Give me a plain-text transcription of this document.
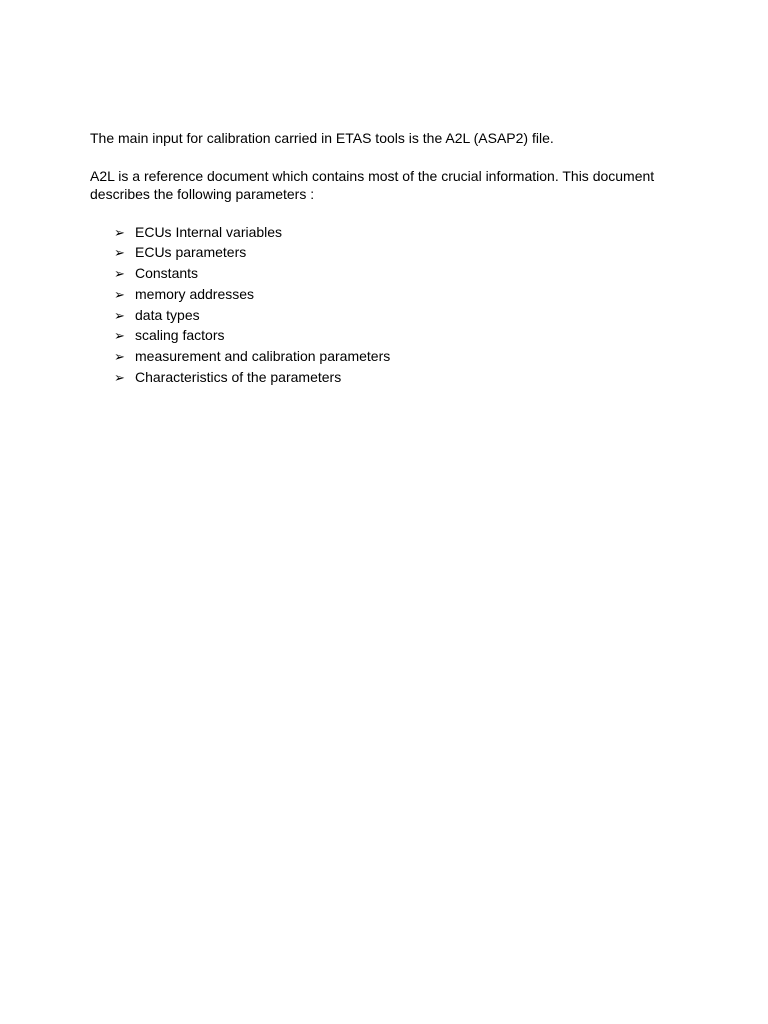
The main input for calibration carried in ETAS tools is the A2L (ASAP2) file.

A2L is a reference document which contains most of the crucial information. This document
describes the following parameters :

➢ ECUs Internal variables
➢ ECUs parameters
➢ Constants
➢ memory addresses
➢ data types
➢ scaling factors
➢ measurement and calibration parameters
➢ Characteristics of the parameters
